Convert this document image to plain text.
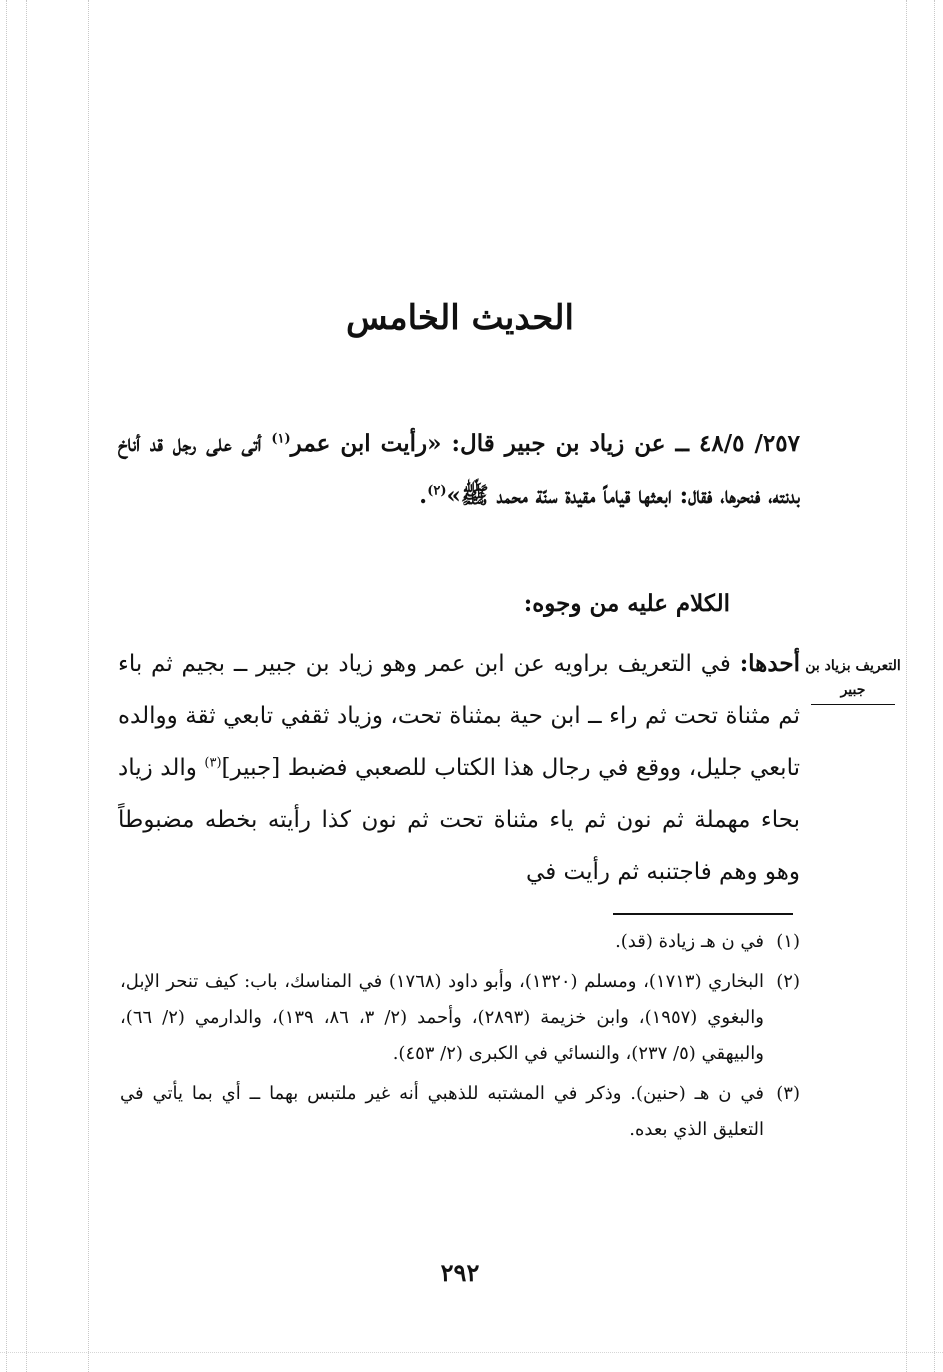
الحديث الخامس
٢٥٧/ ٤٨/٥ ــ عن زياد بن جبير قال: «رأيت ابن عمر$^{(١)}$ أتى على رجل قد أناخ بدنته، فنحرها، فقال: ابعثها قياماً مقيدة سنّة محمد ﷺ»$^{(٢)}$.
الكلام عليه من وجوه:
أحدها: في التعريف براويه عن ابن عمر وهو زياد بن جبير ــ بجيم ثم باء ثم مثناة تحت ثم راء ــ ابن حية بمثناة تحت، وزياد ثقفي تابعي ثقة ووالده تابعي جليل، ووقع في رجال هذا الكتاب للصعبي فضبط [جبير]$^{(٣)}$ والد زياد بحاء مهملة ثم نون ثم ياء مثناة تحت ثم نون كذا رأيته بخطه مضبوطاً وهو وهم فاجتنبه ثم رأيت في
التعريف بزياد بن
جبير
(١)
في ن هـ زيادة (قد).
(٢)
البخاري (١٧١٣)، ومسلم (١٣٢٠)، وأبو داود (١٧٦٨) في المناسك، باب: كيف تنحر الإبل، والبغوي (١٩٥٧)، وابن خزيمة (٢٨٩٣)، وأحمد (٢/ ٣، ٨٦، ١٣٩)، والدارمي (٢/ ٦٦)، والبيهقي (٥/ ٢٣٧)، والنسائي في الكبرى (٢/ ٤٥٣).
(٣)
في ن هـ (حنين). وذكر في المشتبه للذهبي أنه غير ملتبس بهما ــ أي بما يأتي في التعليق الذي بعده.
٢٩٢
